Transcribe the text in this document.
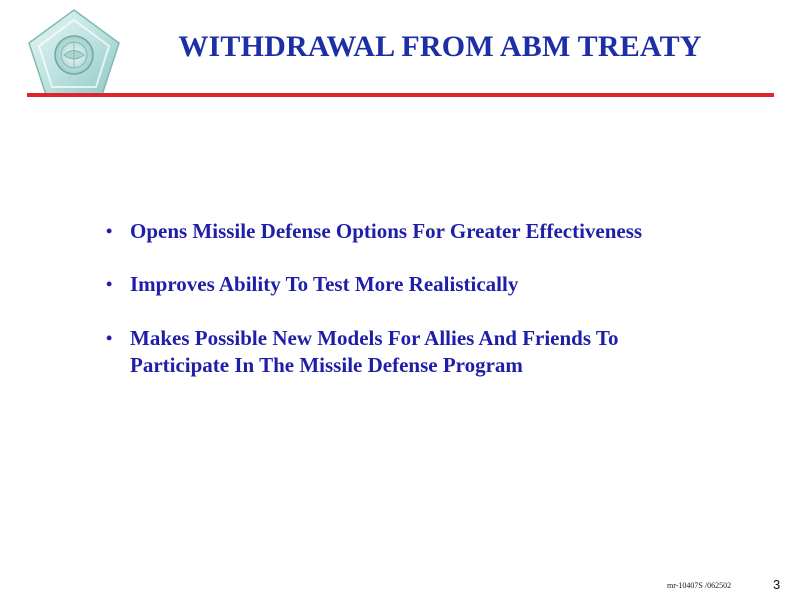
WITHDRAWAL FROM ABM TREATY
• Opens Missile Defense Options For Greater Effectiveness
• Improves Ability To Test More Realistically
• Makes Possible New Models For Allies And Friends To Participate In The Missile Defense Program
mr-10407S /062502	3
